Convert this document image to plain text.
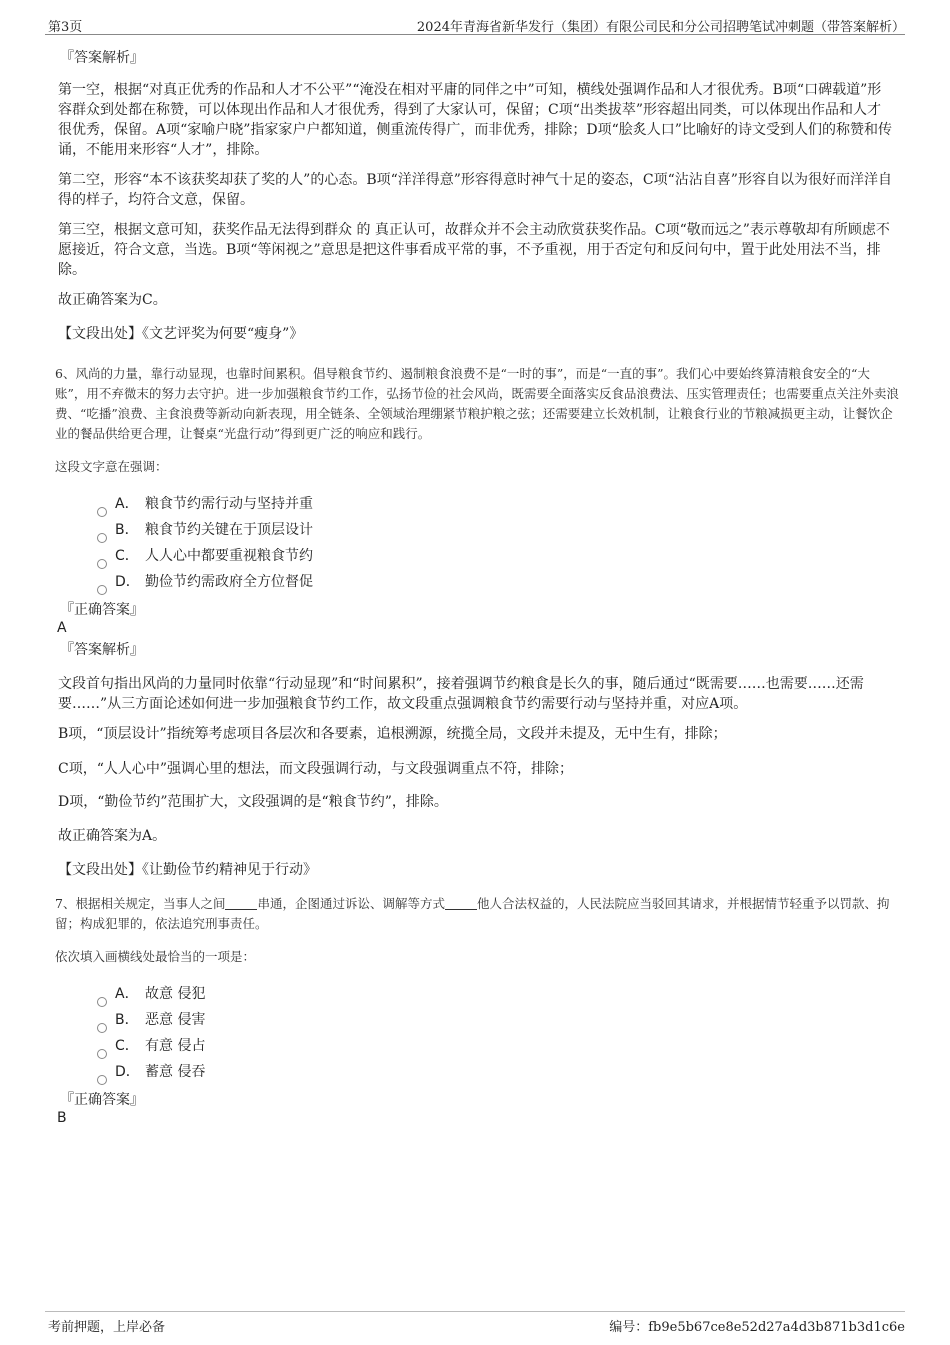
第3页	2024年青海省新华发行（集团）有限公司民和分公司招聘笔试冲刺题（带答案解析）
『答案解析』
第一空，根据“对真正优秀的作品和人才不公平”“淹没在相对平庸的同伴之中”可知，横线处强调作品和人才很优秀。B项“口碑载道”形容群众到处都在称赞，可以体现出作品和人才很优秀，得到了大家认可，保留；C项“出类拔萃”形容超出同类，可以体现出作品和人才很优秀，保留。A项“家喻户晓”指家家户户都知道，侧重流传得广，而非优秀，排除；D项“脍炙人口”比喻好的诗文受到人们的称赞和传诵，不能用来形容“人才”，排除。
第二空，形容“本不该获奖却获了奖的人”的心态。B项“洋洋得意”形容得意时神气十足的姿态，C项“沾沾自喜”形容自以为很好而洋洋自得的样子，均符合文意，保留。
第三空，根据文意可知，获奖作品无法得到群众 的 真正认可，故群众并不会主动欣赏获奖作品。C项“敬而远之”表示尊敬却有所顾虑不愿接近，符合文意，当选。B项“等闲视之”意思是把这件事看成平常的事，不予重视，用于否定句和反问句中，置于此处用法不当，排除。
故正确答案为C。
【文段出处】《文艺评奖为何要“瘦身”》
6、风尚的力量，靠行动显现，也靠时间累积。倡导粮食节约、遏制粮食浪费不是“一时的事”，而是“一直的事”。我们心中要始终算清粮食安全的“大账”，用不弃微末的努力去守护。进一步加强粮食节约工作，弘扬节俭的社会风尚，既需要全面落实反食品浪费法、压实管理责任；也需要重点关注外卖浪费、“吃播”浪费、主食浪费等新动向新表现，用全链条、全领域治理绷紧节粮护粮之弦；还需要建立长效机制，让粮食行业的节粮减损更主动，让餐饮企业的餐品供给更合理，让餐桌“光盘行动”得到更广泛的响应和践行。
这段文字意在强调：
A． 粮食节约需行动与坚持并重
B． 粮食节约关键在于顶层设计
C． 人人心中都要重视粮食节约
D． 勤俭节约需政府全方位督促
『正确答案』
A
『答案解析』
文段首句指出风尚的力量同时依靠“行动显现”和“时间累积”，接着强调节约粮食是长久的事，随后通过“既需要……也需要……还需要……”从三方面论述如何进一步加强粮食节约工作，故文段重点强调粮食节约需要行动与坚持并重，对应A项。
B项，“顶层设计”指统筹考虑项目各层次和各要素，追根溯源，统揽全局，文段并未提及，无中生有，排除；
C项，“人人心中”强调心里的想法，而文段强调行动，与文段强调重点不符，排除；
D项，“勤俭节约”范围扩大，文段强调的是“粮食节约”，排除。
故正确答案为A。
【文段出处】《让勤俭节约精神见于行动》
7、根据相关规定，当事人之间	串通，企图通过诉讼、调解等方式	他人合法权益的，人民法院应当驳回其请求，并根据情节轻重予以罚款、拘留；构成犯罪的，依法追究刑事责任。
依次填入画横线处最恰当的一项是：
A． 故意 侵犯
B． 恶意 侵害
C． 有意 侵占
D． 蓄意 侵吞
『正确答案』
B
考前押题，上岸必备	编号：fb9e5b67ce8e52d27a4d3b871b3d1c6e
